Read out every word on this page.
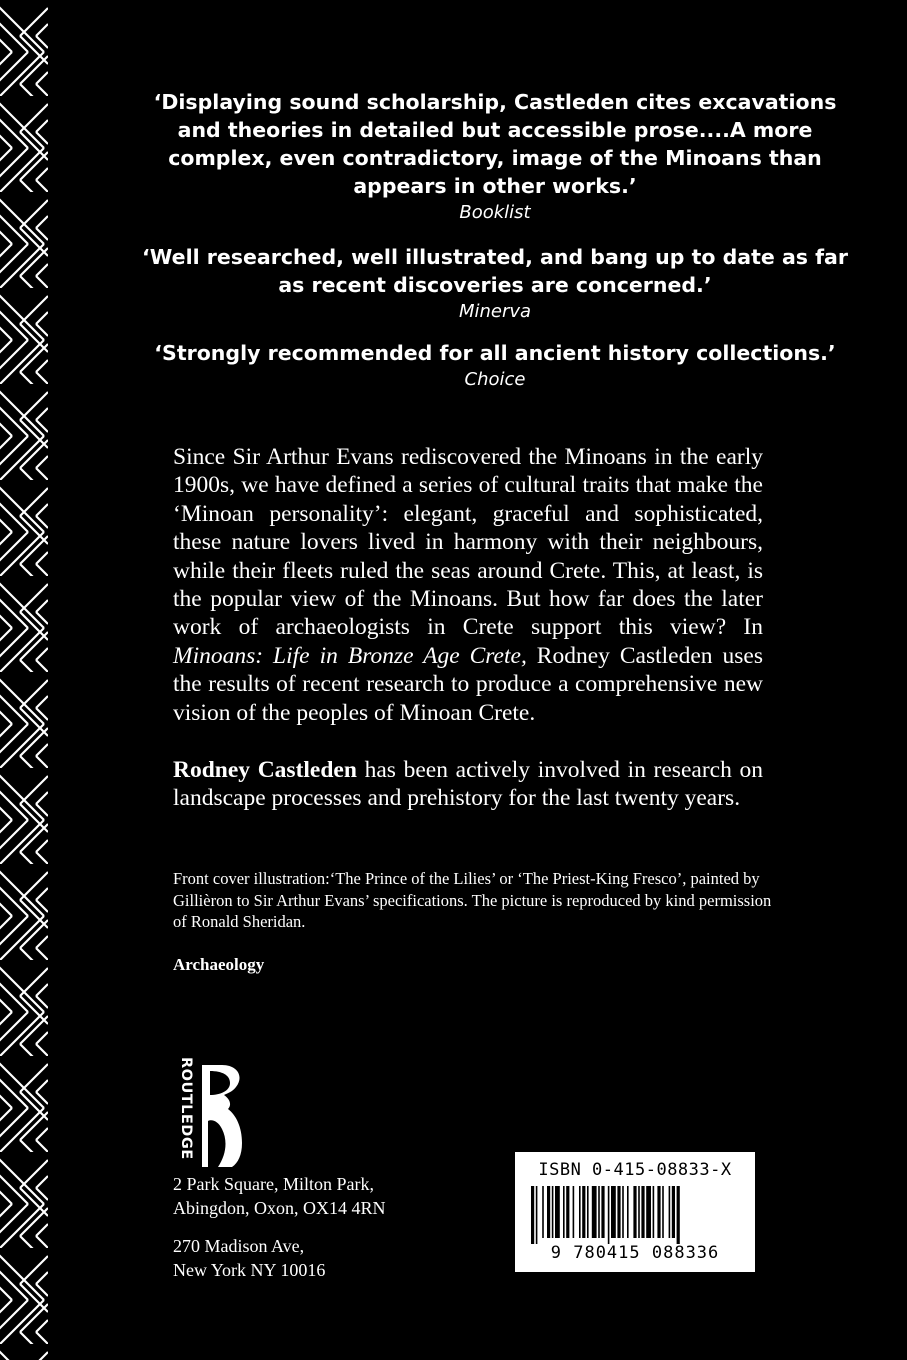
‘Displaying sound scholarship, Castleden cites excavations and theories in detailed but accessible prose....A more complex, even contradictory, image of the Minoans than appears in other works.’
Booklist
‘Well researched, well illustrated, and bang up to date as far as recent discoveries are concerned.’
Minerva
‘Strongly recommended for all ancient history collections.’
Choice
Since Sir Arthur Evans rediscovered the Minoans in the early 1900s, we have defined a series of cultural traits that make the ‘Minoan personality’: elegant, graceful and sophisticated, these nature lovers lived in harmony with their neighbours, while their fleets ruled the seas around Crete. This, at least, is the popular view of the Minoans. But how far does the later work of archaeologists in Crete support this view? In Minoans: Life in Bronze Age Crete, Rodney Castleden uses the results of recent research to produce a comprehensive new vision of the peoples of Minoan Crete.
Rodney Castleden has been actively involved in research on landscape processes and prehistory for the last twenty years.
Front cover illustration:‘The Prince of the Lilies’ or ‘The Priest-King Fresco’, painted by Gillièron to Sir Arthur Evans’ specifications. The picture is reproduced by kind permission of Ronald Sheridan.
Archaeology
ROUTLEDGE
2 Park Square, Milton Park,
Abingdon, Oxon, OX14 4RN
270 Madison Ave,
New York NY 10016
ISBN 0-415-08833-X
9 780415 088336
